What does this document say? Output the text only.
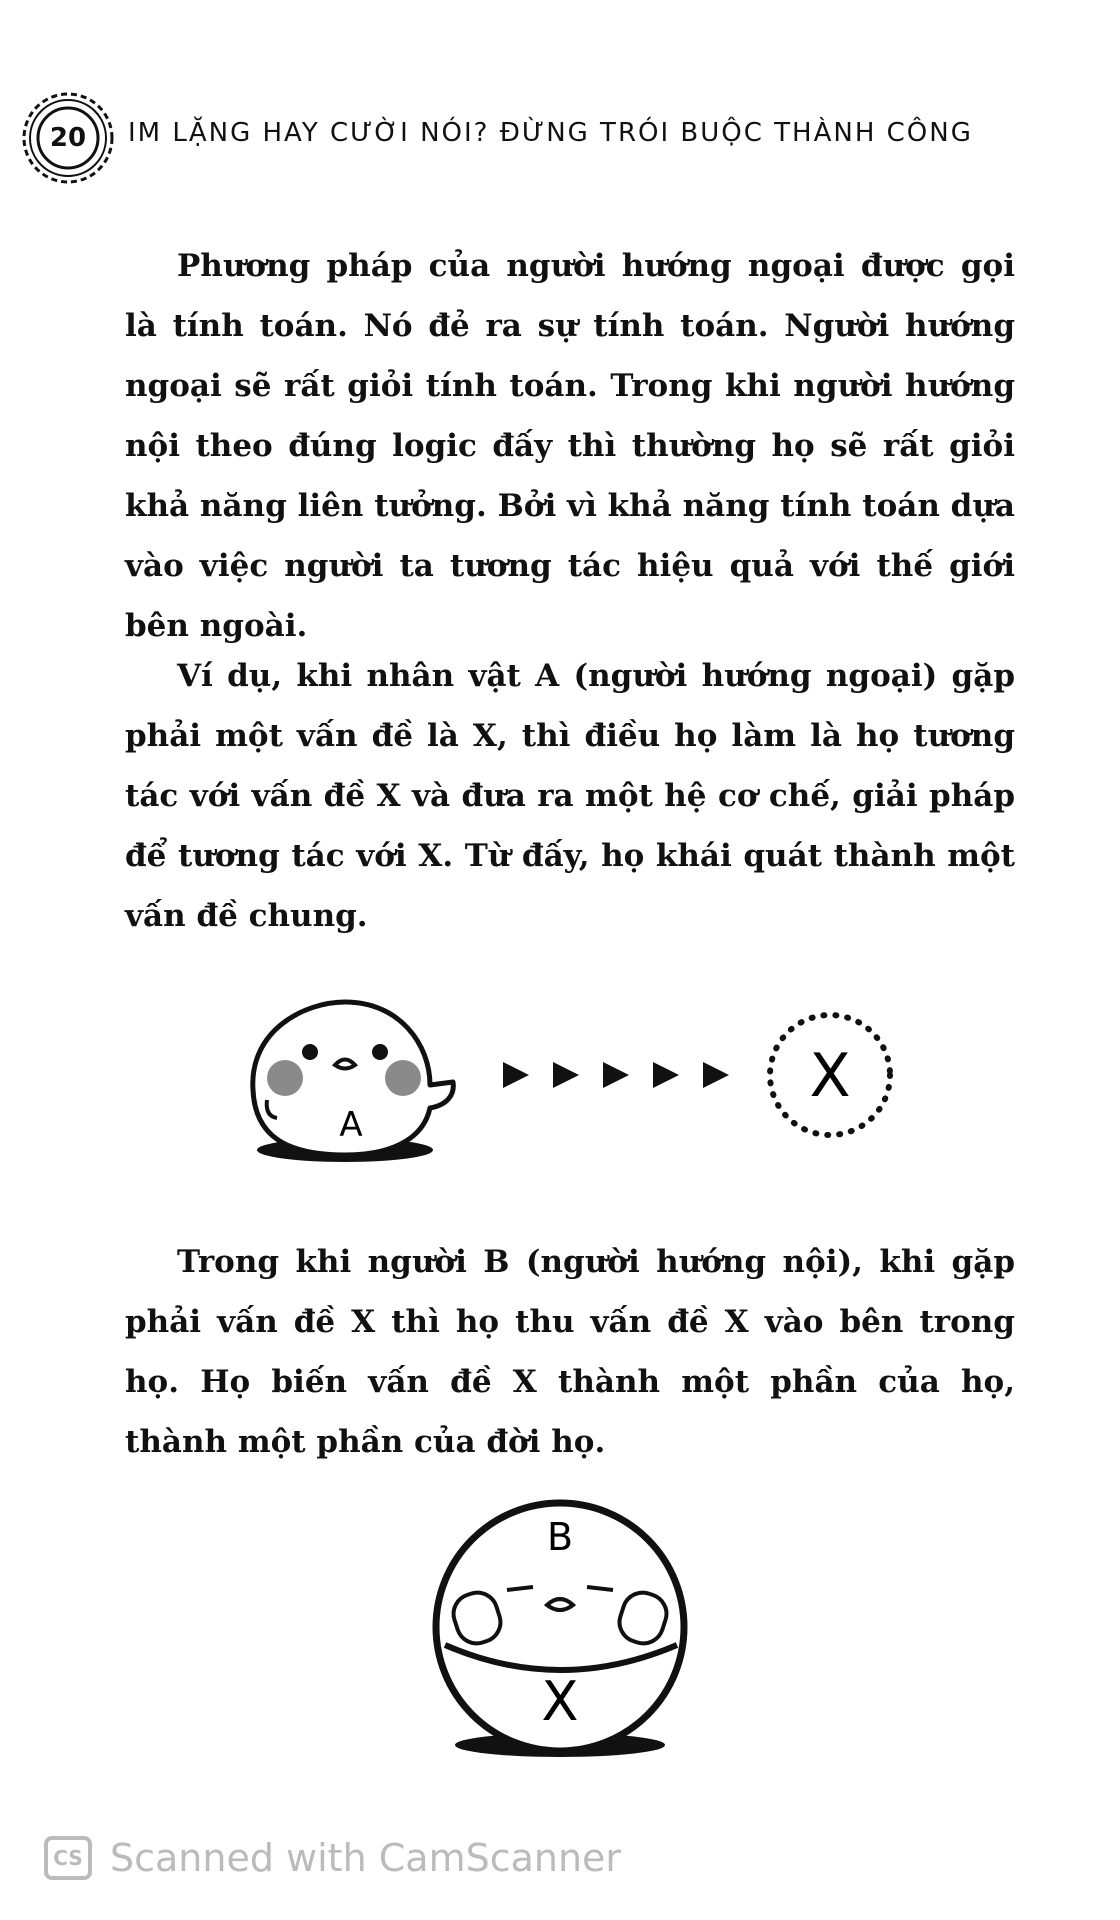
20	IM LẶNG HAY CƯỜI NÓI? ĐỪNG TRÓI BUỘC THÀNH CÔNG

Phương pháp của người hướng ngoại được gọi là tính toán. Nó đẻ ra sự tính toán. Người hướng ngoại sẽ rất giỏi tính toán. Trong khi người hướng nội theo đúng logic đấy thì thường họ sẽ rất giỏi khả năng liên tưởng. Bởi vì khả năng tính toán dựa vào việc người ta tương tác hiệu quả với thế giới bên ngoài.

Ví dụ, khi nhân vật A (người hướng ngoại) gặp phải một vấn đề là X, thì điều họ làm là họ tương tác với vấn đề X và đưa ra một hệ cơ chế, giải pháp để tương tác với X. Từ đấy, họ khái quát thành một vấn đề chung.

A
X

Trong khi người B (người hướng nội), khi gặp phải vấn đề X thì họ thu vấn đề X vào bên trong họ. Họ biến vấn đề X thành một phần của họ, thành một phần của đời họ.

B
X
CS Scanned with CamScanner
